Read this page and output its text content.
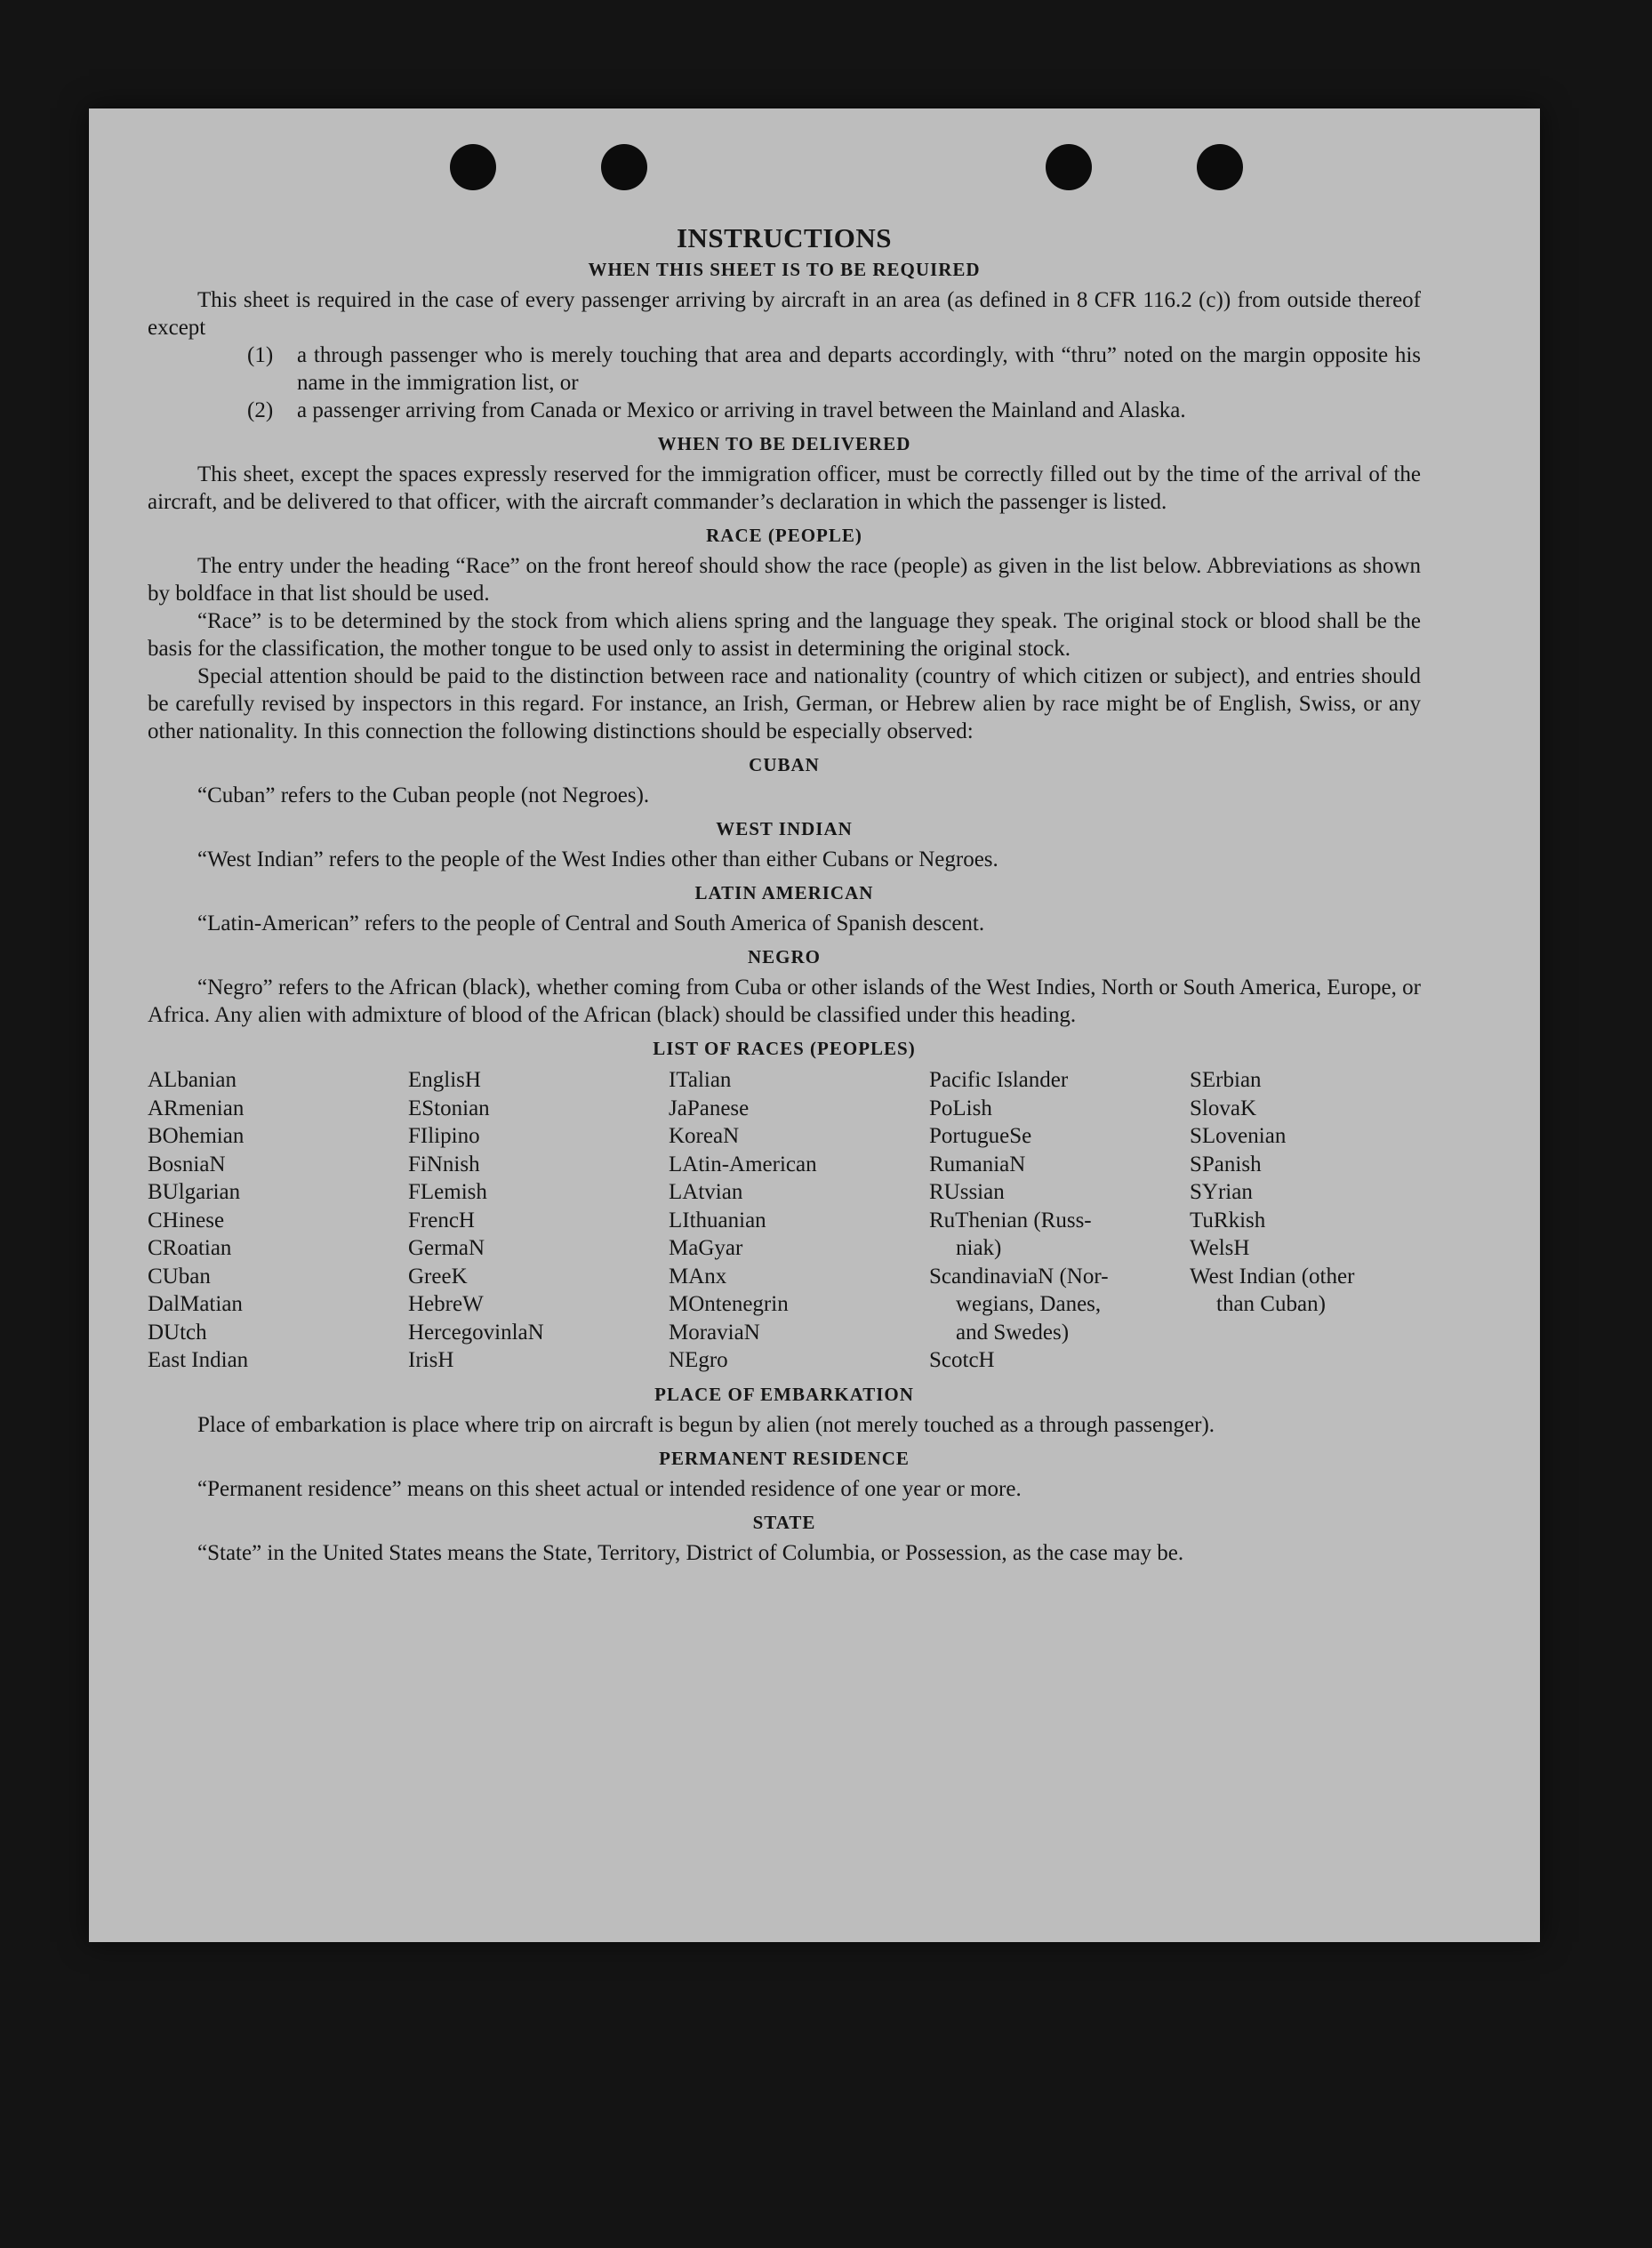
INSTRUCTIONS
WHEN THIS SHEET IS TO BE REQUIRED

This sheet is required in the case of every passenger arriving by aircraft in an area (as defined in 8 CFR 116.2 (c)) from outside thereof except

(1)	a through passenger who is merely touching that area and departs accordingly, with “thru” noted on the margin opposite his name in the immigration list, or
(2)	a passenger arriving from Canada or Mexico or arriving in travel between the Mainland and Alaska.
WHEN TO BE DELIVERED

This sheet, except the spaces expressly reserved for the immigration officer, must be correctly filled out by the time of the arrival of the aircraft, and be delivered to that officer, with the aircraft commander’s declaration in which the passenger is listed.

RACE (PEOPLE)

The entry under the heading “Race” on the front hereof should show the race (people) as given in the list below. Abbreviations as shown by boldface in that list should be used.

“Race” is to be determined by the stock from which aliens spring and the language they speak. The original stock or blood shall be the basis for the classification, the mother tongue to be used only to assist in determining the original stock.

Special attention should be paid to the distinction between race and nationality (country of which citizen or subject), and entries should be carefully revised by inspectors in this regard. For instance, an Irish, German, or Hebrew alien by race might be of English, Swiss, or any other nationality. In this connection the following distinctions should be especially observed:

CUBAN

“Cuban” refers to the Cuban people (not Negroes).

WEST INDIAN

“West Indian” refers to the people of the West Indies other than either Cubans or Negroes.

LATIN AMERICAN

“Latin-American” refers to the people of Central and South America of Spanish descent.

NEGRO

“Negro” refers to the African (black), whether coming from Cuba or other islands of the West Indies, North or South America, Europe, or Africa. Any alien with admixture of blood of the African (black) should be classified under this heading.

LIST OF RACES (PEOPLES)
ALbanian
ARmenian
BOhemian
BosniaN
BUlgarian
CHinese
CRoatian
CUban
DalMatian
DUtch
East Indian
EnglisH
EStonian
FIlipino
FiNnish
FLemish
FrencH
GermaN
GreeK
HebreW
HercegovinlaN
IrisH
ITalian
JaPanese
KoreaN
LAtin-American
LAtvian
LIthuanian
MaGyar
MAnx
MOntenegrin
MoraviaN
NEgro
Pacific Islander
PoLish
PortugueSe
RumaniaN
RUssian
RuThenian (Russ-
niak)
ScandinaviaN (Nor-
wegians, Danes,
and Swedes)
ScotcH
SErbian
SlovaK
SLovenian
SPanish
SYrian
TuRkish
WelsH
West Indian (other
than Cuban)
PLACE OF EMBARKATION

Place of embarkation is place where trip on aircraft is begun by alien (not merely touched as a through passenger).

PERMANENT RESIDENCE

“Permanent residence” means on this sheet actual or intended residence of one year or more.

STATE

“State” in the United States means the State, Territory, District of Columbia, or Possession, as the case may be.
